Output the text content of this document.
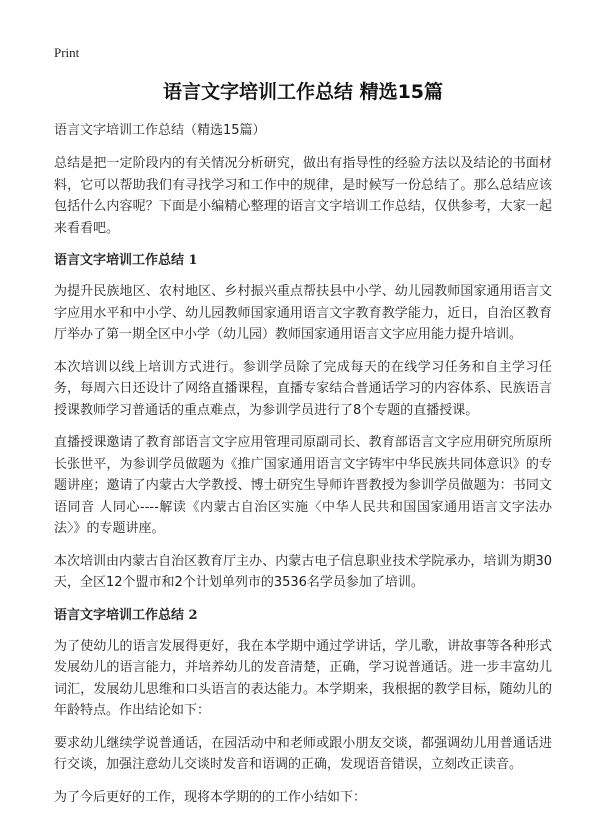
Print
语言文字培训工作总结 精选15篇
语言文字培训工作总结（精选15篇）

总结是把一定阶段内的有关情况分析研究，做出有指导性的经验方法以及结论的书面材料，它可以帮助我们有寻找学习和工作中的规律，是时候写一份总结了。那么总结应该包括什么内容呢？下面是小编精心整理的语言文字培训工作总结，仅供参考，大家一起来看看吧。

语言文字培训工作总结 1

为提升民族地区、农村地区、乡村振兴重点帮扶县中小学、幼儿园教师国家通用语言文字应用水平和中小学、幼儿园教师国家通用语言文字教育教学能力，近日，自治区教育厅举办了第一期全区中小学（幼儿园）教师国家通用语言文字应用能力提升培训。

本次培训以线上培训方式进行。参训学员除了完成每天的在线学习任务和自主学习任务，每周六日还设计了网络直播课程，直播专家结合普通话学习的内容体系、民族语言授课教师学习普通话的重点难点，为参训学员进行了8个专题的直播授课。

直播授课邀请了教育部语言文字应用管理司原副司长、教育部语言文字应用研究所原所长张世平，为参训学员做题为《推广国家通用语言文字铸牢中华民族共同体意识》的专题讲座；邀请了内蒙古大学教授、博士研究生导师许晋教授为参训学员做题为：书同文 语同音 人同心----解读《内蒙古自治区实施〈中华人民共和国国家通用语言文字法办法〉》的专题讲座。

本次培训由内蒙古自治区教育厅主办、内蒙古电子信息职业技术学院承办，培训为期30天，全区12个盟市和2个计划单列市的3536名学员参加了培训。

语言文字培训工作总结 2

为了使幼儿的语言发展得更好，我在本学期中通过学讲话，学儿歌，讲故事等各种形式发展幼儿的语言能力，并培养幼儿的发音清楚，正确，学习说普通话。进一步丰富幼儿词汇，发展幼儿思维和口头语言的表达能力。本学期来，我根据的教学目标，随幼儿的年龄特点。作出结论如下：

要求幼儿继续学说普通话，在园活动中和老师或跟小朋友交谈，都强调幼儿用普通话进行交谈，加强注意幼儿交谈时发音和语调的正确，发现语音错误，立刻改正读音。

为了今后更好的工作，现将本学期的的工作小结如下：
